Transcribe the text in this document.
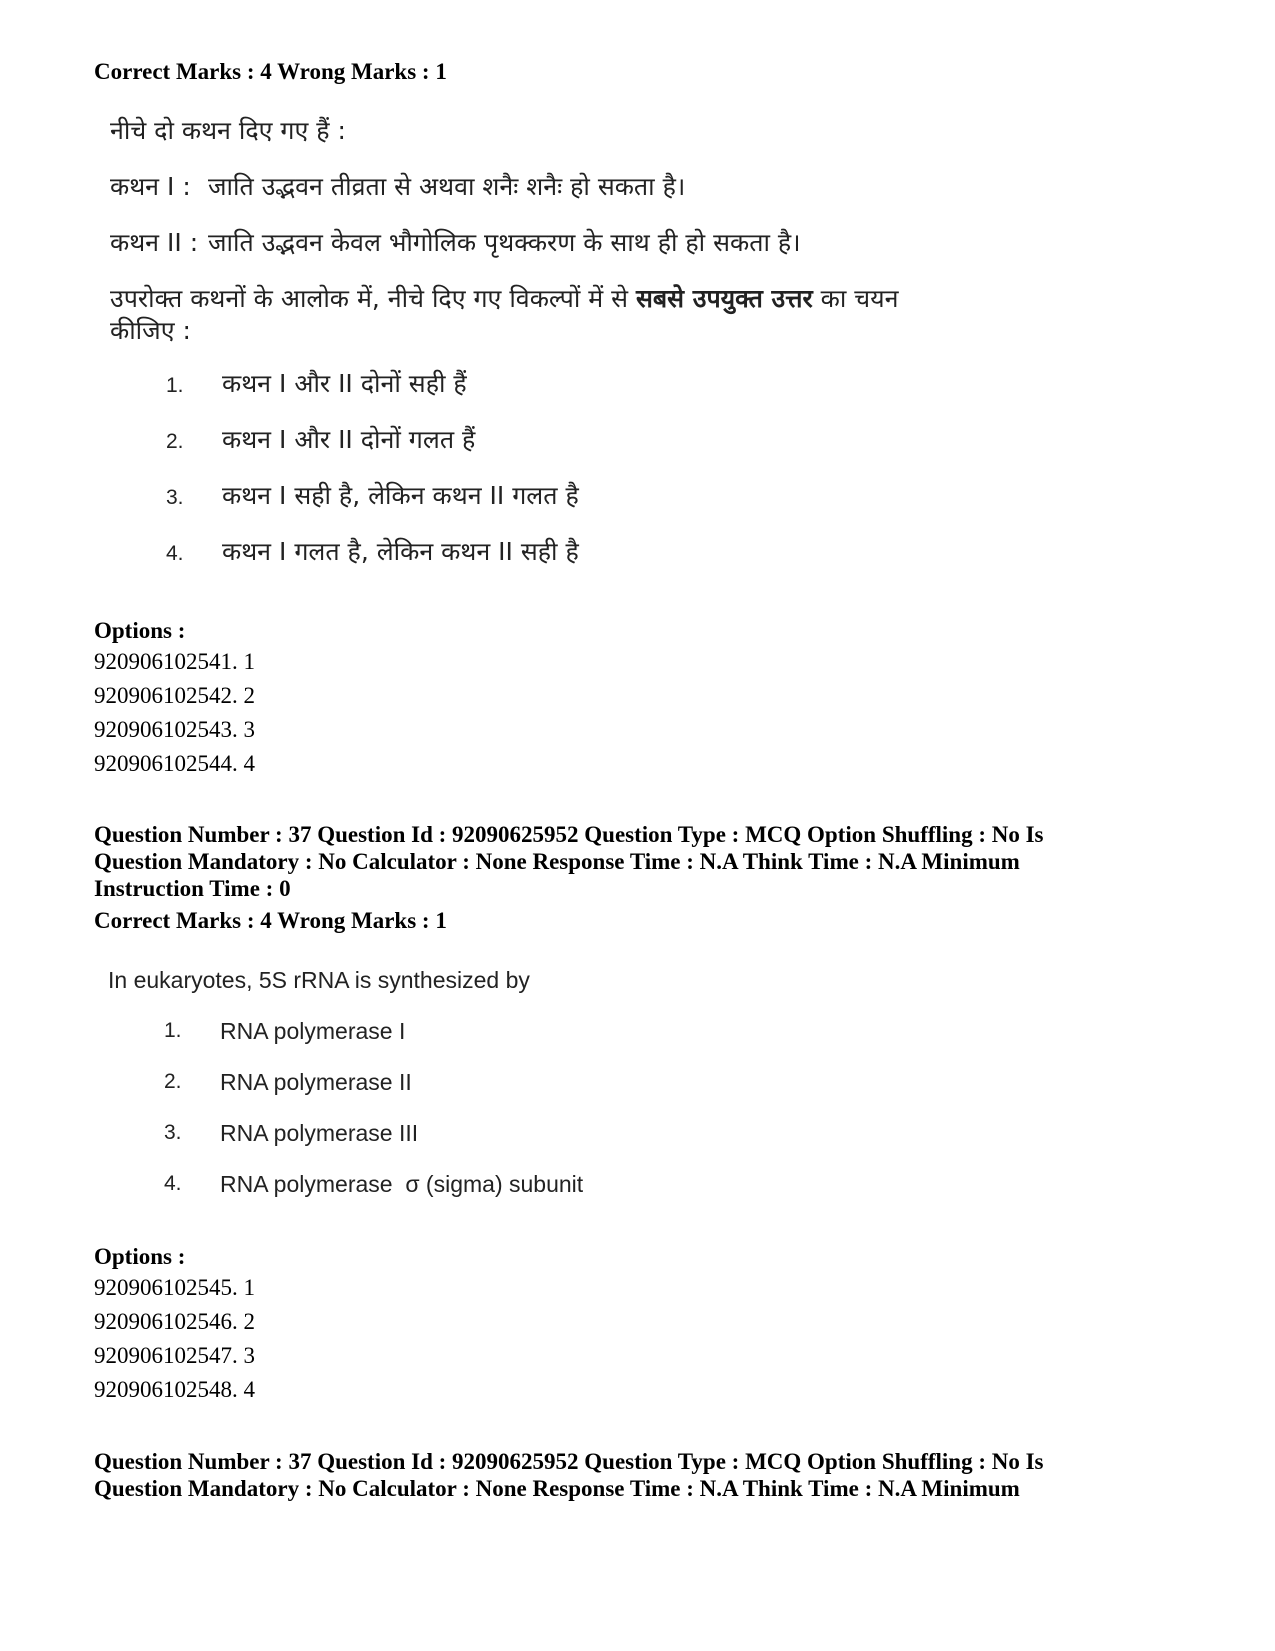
Correct Marks : 4 Wrong Marks : 1
नीचे दो कथन दिए गए हैं :
कथन I : जाति उद्भवन तीव्रता से अथवा शनैः शनैः हो सकता है।
कथन II : जाति उद्भवन केवल भौगोलिक पृथक्करण के साथ ही हो सकता है।
उपरोक्त कथनों के आलोक में, नीचे दिए गए विकल्पों में से सबसे उपयुक्त उत्तर का चयन
कीजिए :
1. कथन I और II दोनों सही हैं
2. कथन I और II दोनों गलत हैं
3. कथन I सही है, लेकिन कथन II गलत है
4. कथन I गलत है, लेकिन कथन II सही है
Options :
920906102541. 1
920906102542. 2
920906102543. 3
920906102544. 4
Question Number : 37 Question Id : 92090625952 Question Type : MCQ Option Shuffling : No Is
Question Mandatory : No Calculator : None Response Time : N.A Think Time : N.A Minimum
Instruction Time : 0
Correct Marks : 4 Wrong Marks : 1
In eukaryotes, 5S rRNA is synthesized by
1. RNA polymerase I
2. RNA polymerase II
3. RNA polymerase III
4. RNA polymerase  σ (sigma) subunit
Options :
920906102545. 1
920906102546. 2
920906102547. 3
920906102548. 4
Question Number : 37 Question Id : 92090625952 Question Type : MCQ Option Shuffling : No Is
Question Mandatory : No Calculator : None Response Time : N.A Think Time : N.A Minimum
